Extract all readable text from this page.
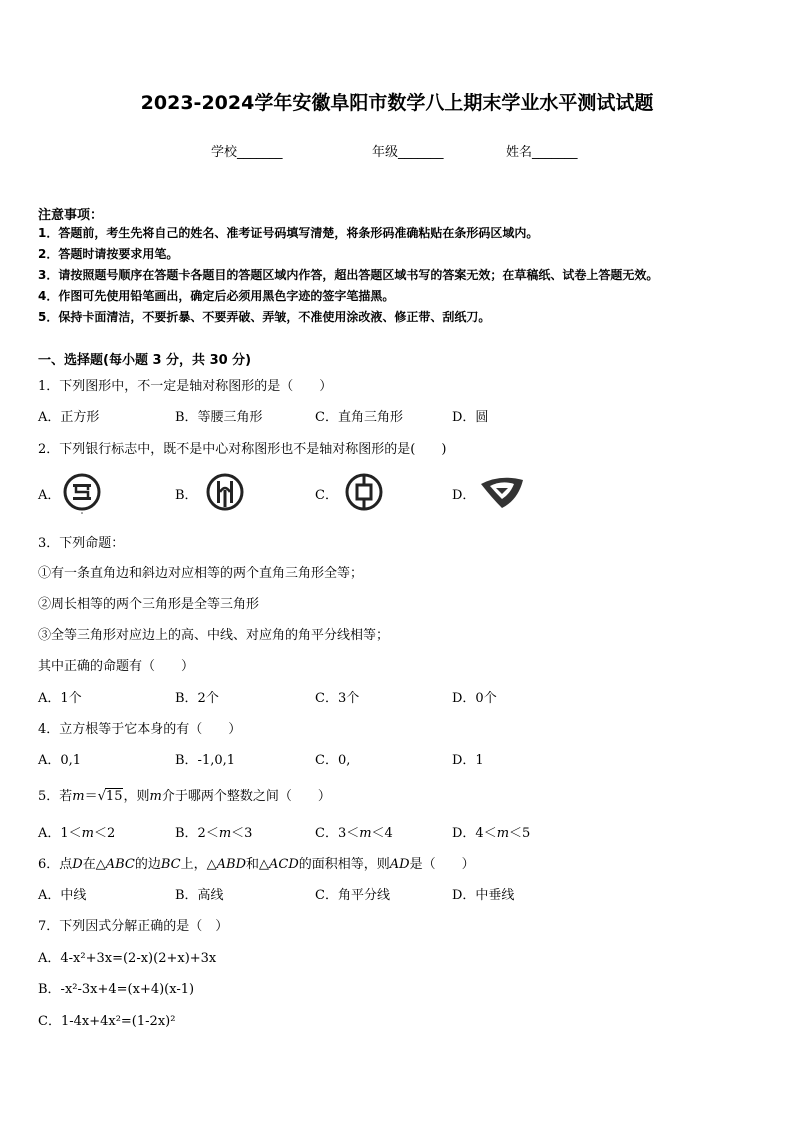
2023-2024学年安徽阜阳市数学八上期末学业水平测试试题
学校_______	年级_______	姓名_______
注意事项：
1．答题前，考生先将自己的姓名、准考证号码填写清楚，将条形码准确粘贴在条形码区域内。
2．答题时请按要求用笔。
3．请按照题号顺序在答题卡各题目的答题区域内作答，超出答题区域书写的答案无效；在草稿纸、试卷上答题无效。
4．作图可先使用铅笔画出，确定后必须用黑色字迹的签字笔描黑。
5．保持卡面清洁，不要折暴、不要弄破、弄皱，不准使用涂改液、修正带、刮纸刀。
一、选择题(每小题 3 分，共 30 分)
1．下列图形中，不一定是轴对称图形的是（　　）
A．正方形	B．等腰三角形	C．直角三角形	D．圆
2．下列银行标志中，既不是中心对称图形也不是轴对称图形的是(　　)
A．	B．	C．	D．
3．下列命题：
①有一条直角边和斜边对应相等的两个直角三角形全等；
②周长相等的两个三角形是全等三角形
③全等三角形对应边上的高、中线、对应角的角平分线相等；
其中正确的命题有（　　）
A．1个	B．2个	C．3个	D．0个
4．立方根等于它本身的有（　　）
A．0,1	B．-1,0,1	C．0,	D．1
5．若m＝√15，则m介于哪两个整数之间（　　）
A．1＜m＜2	B．2＜m＜3	C．3＜m＜4	D．4＜m＜5
6．点D在△ABC的边BC上，△ABD和△ACD的面积相等，则AD是（　　）
A．中线	B．高线	C．角平分线	D．中垂线
7．下列因式分解正确的是（　）
A．4-x²+3x=(2-x)(2+x)+3x
B．-x²-3x+4=(x+4)(x-1)
C．1-4x+4x²=(1-2x)²
